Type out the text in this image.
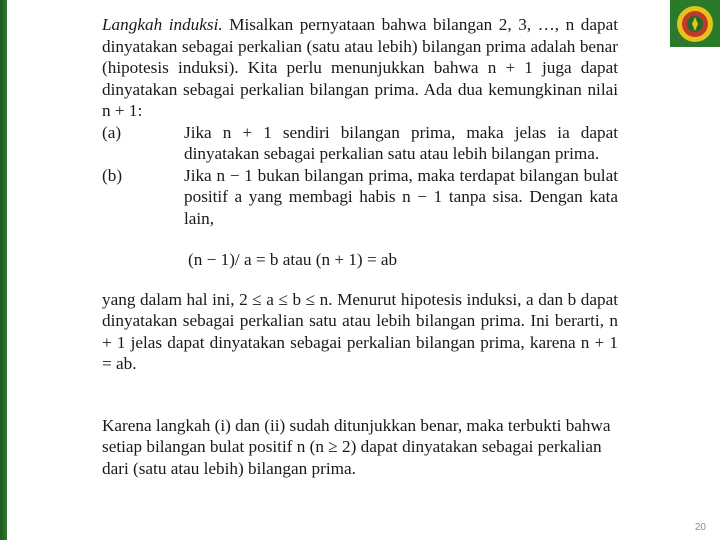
Langkah induksi. Misalkan pernyataan bahwa bilangan 2, 3, …, n dapat dinyatakan sebagai perkalian (satu atau lebih) bilangan prima adalah benar (hipotesis induksi). Kita perlu menunjukkan bahwa n + 1 juga dapat dinyatakan sebagai perkalian bilangan prima. Ada dua kemungkinan nilai n + 1:

(a)	Jika n + 1 sendiri bilangan prima, maka jelas ia dapat dinyatakan sebagai perkalian satu atau lebih bilangan prima.
(b)	Jika n − 1 bukan bilangan prima, maka terdapat bilangan bulat positif a yang membagi habis n − 1 tanpa sisa. Dengan kata lain,

(n − 1)/ a = b atau (n + 1) = ab

yang dalam hal ini, 2 ≤ a ≤ b ≤ n. Menurut hipotesis induksi, a dan b dapat dinyatakan sebagai perkalian satu atau lebih bilangan prima. Ini berarti, n + 1 jelas dapat dinyatakan sebagai perkalian bilangan prima, karena n + 1 = ab.

Karena langkah (i) dan (ii) sudah ditunjukkan benar, maka terbukti bahwa setiap bilangan bulat positif n (n ≥ 2) dapat dinyatakan sebagai perkalian dari (satu atau lebih) bilangan prima.

20
